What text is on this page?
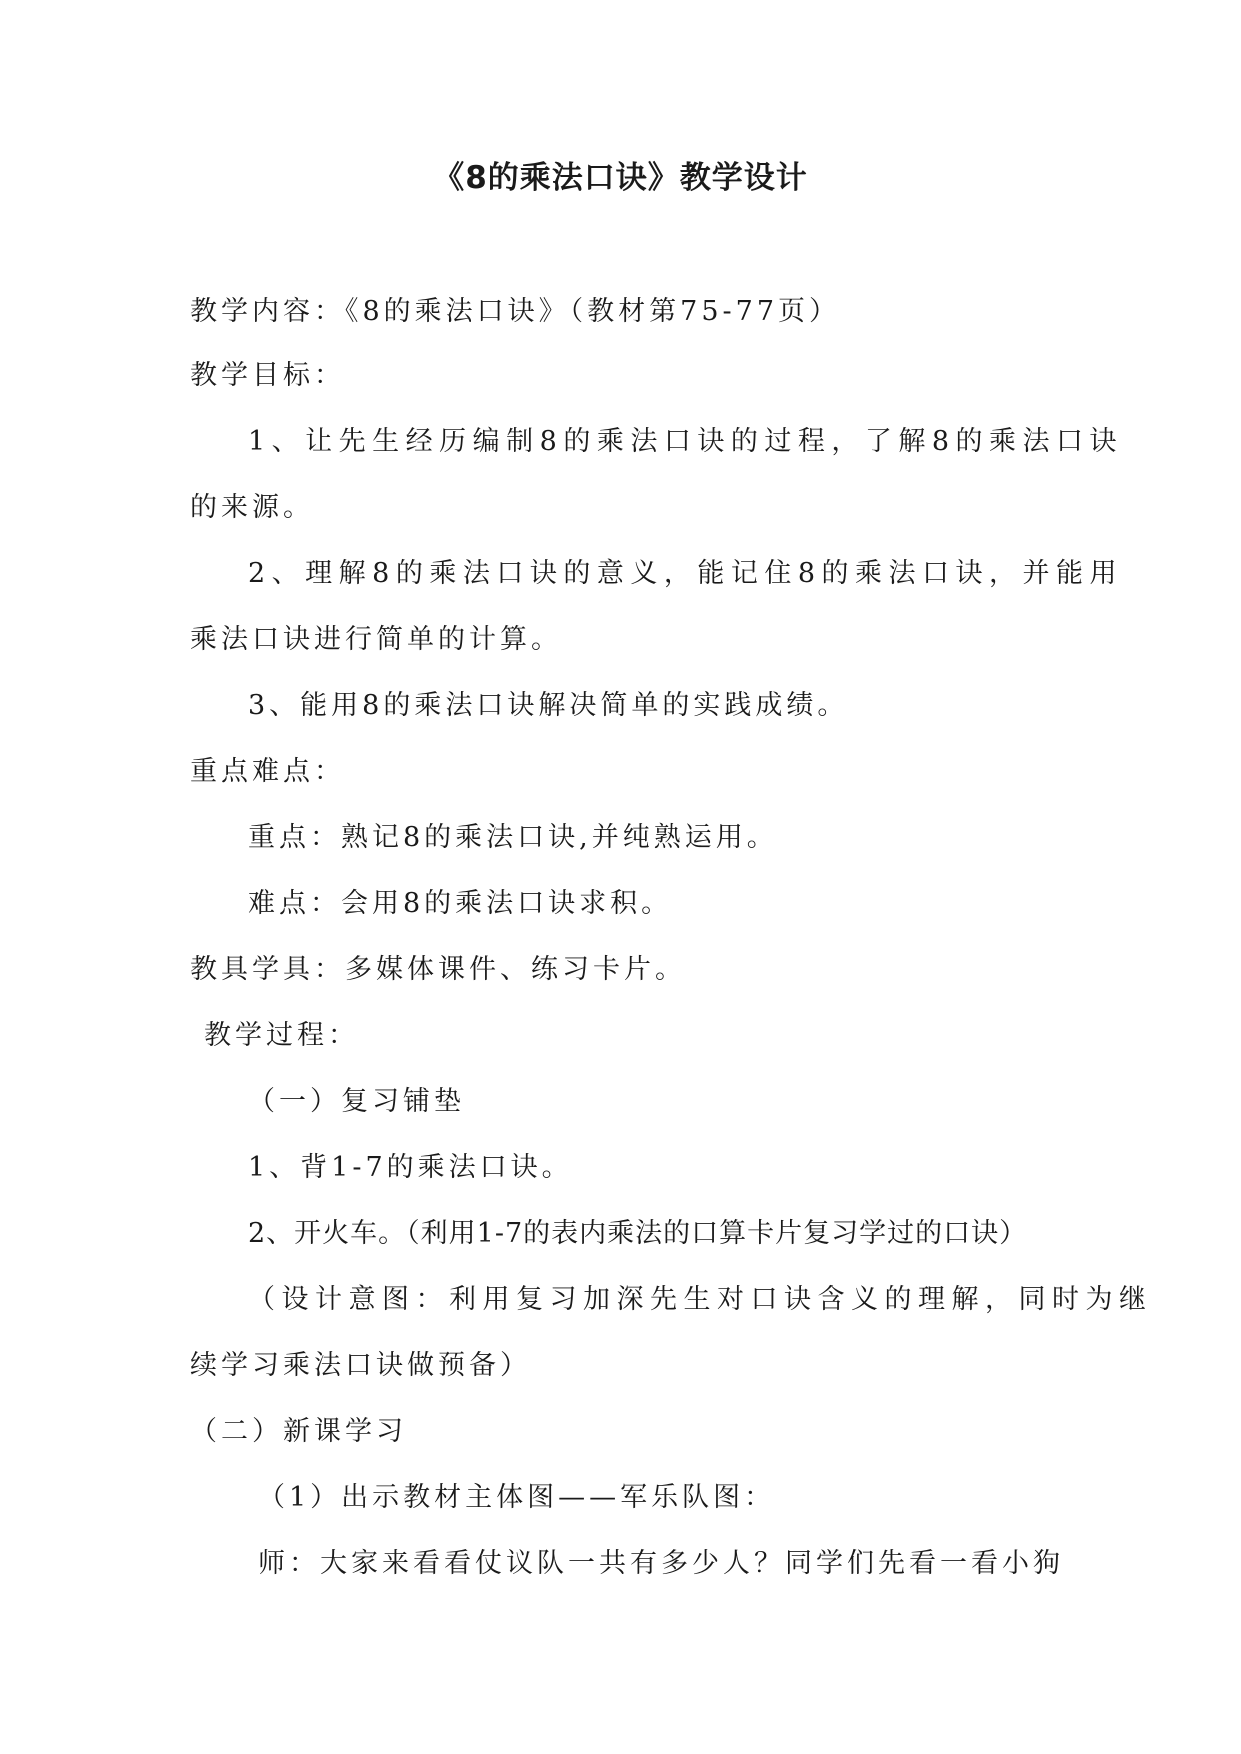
《8的乘法口诀》教学设计
教学内容：《8的乘法口诀》（教材第75-77页）
教学目标：
1、让先生经历编制8的乘法口诀的过程，了解8的乘法口诀
的来源。
2、理解8的乘法口诀的意义，能记住8的乘法口诀，并能用
乘法口诀进行简单的计算。
3、能用8的乘法口诀解决简单的实践成绩。
重点难点：
重点：熟记8的乘法口诀,并纯熟运用。
难点：会用8的乘法口诀求积。
教具学具：多媒体课件、练习卡片。
教学过程：
（一）复习铺垫
1、背1-7的乘法口诀。
2、开火车。（利用1-7的表内乘法的口算卡片复习学过的口诀）
（设计意图：利用复习加深先生对口诀含义的理解，同时为继
续学习乘法口诀做预备）
（二）新课学习
（1）出示教材主体图——军乐队图：
师：大家来看看仗议队一共有多少人？同学们先看一看小狗
